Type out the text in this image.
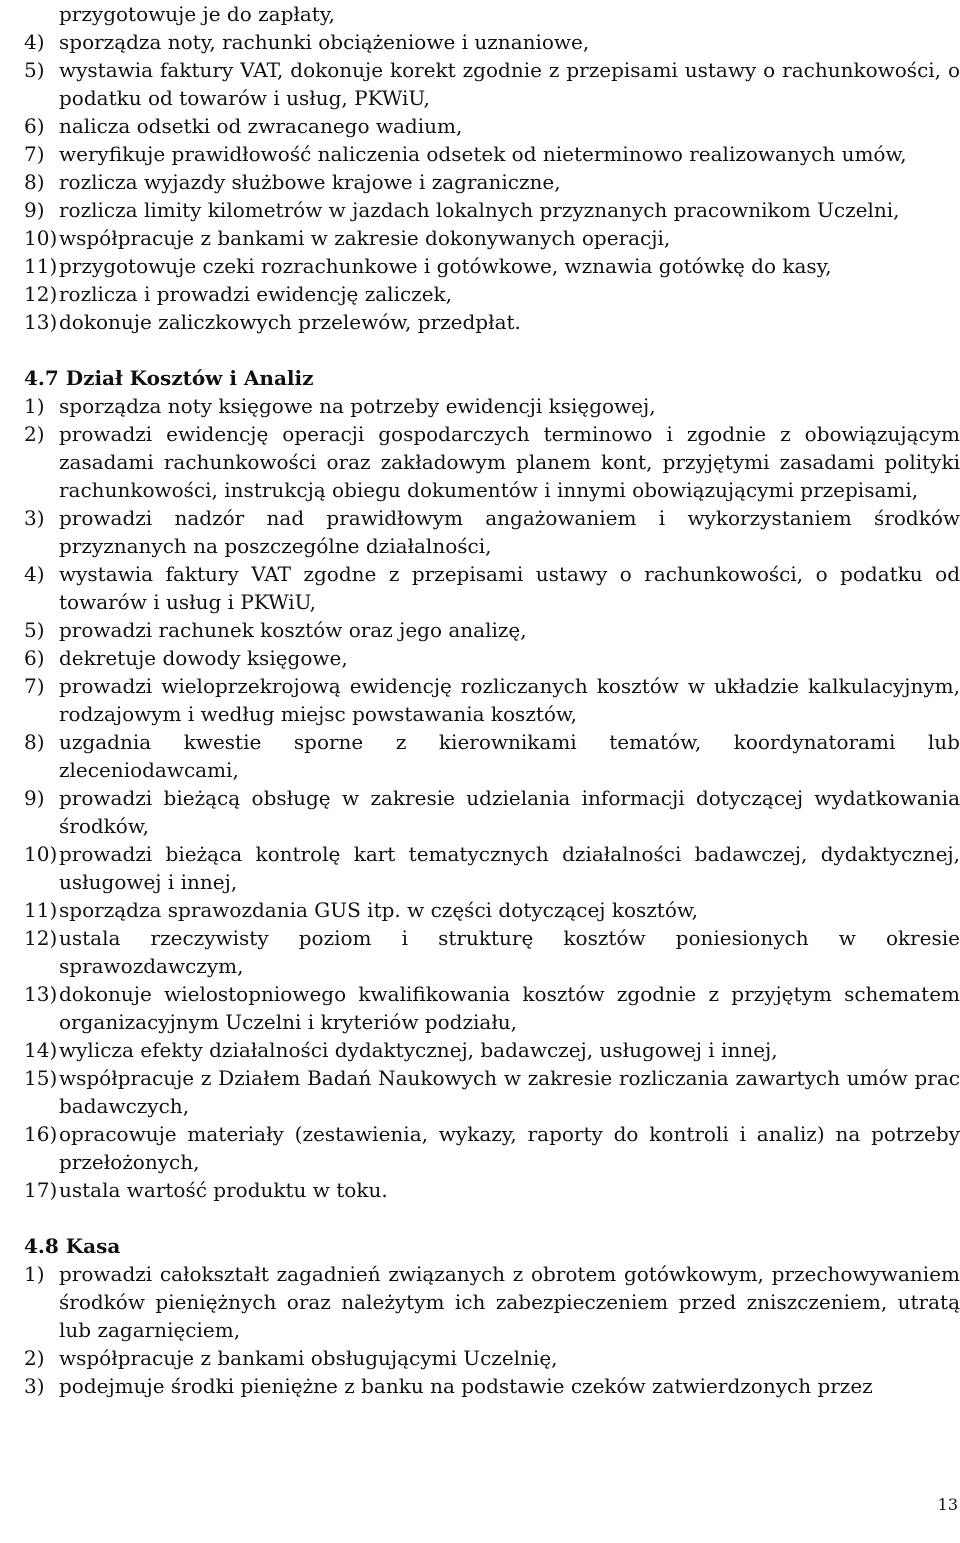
przygotowuje je do zapłaty,
4) sporządza noty, rachunki obciążeniowe i uznaniowe,
5) wystawia faktury VAT, dokonuje korekt zgodnie z przepisami ustawy o rachunkowości, o podatku od towarów i usług, PKWiU,
6) nalicza odsetki od zwracanego wadium,
7) weryfikuje prawidłowość naliczenia odsetek od nieterminowo realizowanych umów,
8) rozlicza wyjazdy służbowe krajowe i zagraniczne,
9) rozlicza limity kilometrów w jazdach lokalnych przyznanych pracownikom Uczelni,
10) współpracuje z bankami w zakresie dokonywanych operacji,
11) przygotowuje czeki rozrachunkowe i gotówkowe, wznawia gotówkę do kasy,
12) rozlicza i prowadzi ewidencję zaliczek,
13) dokonuje zaliczkowych przelewów, przedpłat.
4.7 Dział Kosztów i Analiz
1) sporządza noty księgowe na potrzeby ewidencji księgowej,
2) prowadzi ewidencję operacji gospodarczych terminowo i zgodnie z obowiązującym zasadami rachunkowości oraz zakładowym planem kont, przyjętymi zasadami polityki rachunkowości, instrukcją obiegu dokumentów i innymi obowiązującymi przepisami,
3) prowadzi nadzór nad prawidłowym angażowaniem i wykorzystaniem środków przyznanych na poszczególne działalności,
4) wystawia faktury VAT zgodne z przepisami ustawy o rachunkowości, o podatku od towarów i usług i PKWiU,
5) prowadzi rachunek kosztów oraz jego analizę,
6) dekretuje dowody księgowe,
7) prowadzi wieloprzekrojową ewidencję rozliczanych kosztów w układzie kalkulacyjnym, rodzajowym i według miejsc powstawania kosztów,
8) uzgadnia kwestie sporne z kierownikami tematów, koordynatorami lub zleceniodawcami,
9) prowadzi bieżącą obsługę w zakresie udzielania informacji dotyczącej wydatkowania środków,
10) prowadzi bieżąca kontrolę kart tematycznych działalności badawczej, dydaktycznej, usługowej i innej,
11) sporządza sprawozdania GUS itp. w części dotyczącej kosztów,
12) ustala rzeczywisty poziom i strukturę kosztów poniesionych w okresie sprawozdawczym,
13) dokonuje wielostopniowego kwalifikowania kosztów zgodnie z przyjętym schematem organizacyjnym Uczelni i kryteriów podziału,
14) wylicza efekty działalności dydaktycznej, badawczej, usługowej i innej,
15) współpracuje z Działem Badań Naukowych w zakresie rozliczania zawartych umów prac badawczych,
16) opracowuje materiały (zestawienia, wykazy, raporty do kontroli i analiz) na potrzeby przełożonych,
17) ustala wartość produktu w toku.
4.8 Kasa
1) prowadzi całokształt zagadnień związanych z obrotem gotówkowym, przechowywaniem środków pieniężnych oraz należytym ich zabezpieczeniem przed zniszczeniem, utratą lub zagarnięciem,
2) współpracuje z bankami obsługującymi Uczelnię,
3) podejmuje środki pieniężne z banku na podstawie czeków zatwierdzonych przez
13
